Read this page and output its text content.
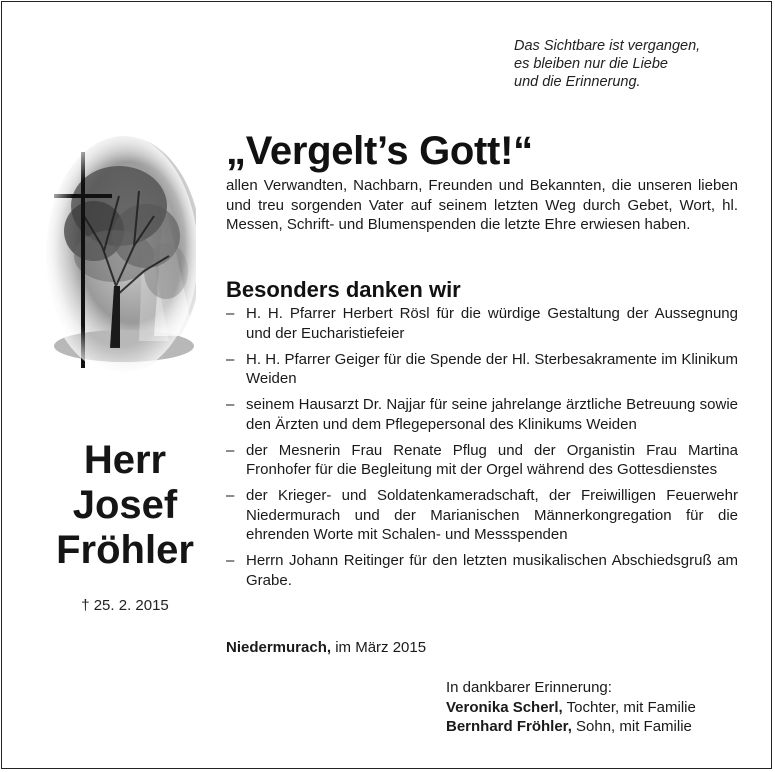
Das Sichtbare ist vergangen,
es bleiben nur die Liebe
und die Erinnerung.
Herr
Josef
Fröhler
† 25. 2. 2015
„Vergelt’s Gott!“
allen Verwandten, Nachbarn, Freunden und Bekannten, die unseren lieben und treu sorgenden Vater auf seinem letzten Weg durch Gebet, Wort, hl. Messen, Schrift- und Blumenspenden die letzte Ehre erwiesen haben.
Besonders danken wir
– H. H. Pfarrer Herbert Rösl für die würdige Gestaltung der Aussegnung und der Eucharistiefeier
– H. H. Pfarrer Geiger für die Spende der Hl. Sterbesakramente im Klinikum Weiden
– seinem Hausarzt Dr. Najjar für seine jahrelange ärztliche Betreuung sowie den Ärzten und dem Pflegepersonal des Klinikums Weiden
– der Mesnerin Frau Renate Pflug und der Organistin Frau Martina Fronhofer für die Begleitung mit der Orgel während des Gottesdienstes
– der Krieger- und Soldatenkameradschaft, der Freiwilligen Feuerwehr Niedermurach und der Marianischen Männerkongregation für die ehrenden Worte mit Schalen- und Messspenden
– Herrn Johann Reitinger für den letzten musikalischen Abschiedsgruß am Grabe.
Niedermurach, im März 2015
In dankbarer Erinnerung:
Veronika Scherl, Tochter, mit Familie
Bernhard Fröhler, Sohn, mit Familie
